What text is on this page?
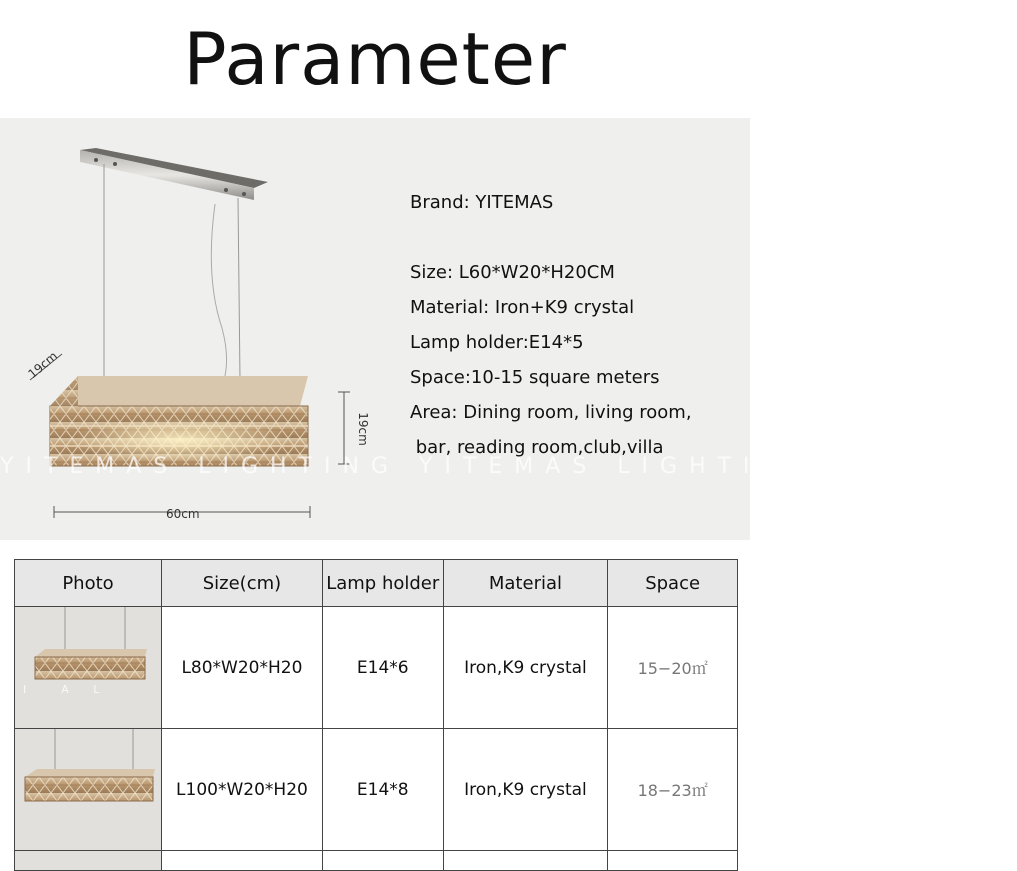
Parameter
19cm
19cm
60cm
YITEMAS LIGHTING YITEMAS LIGHTING YITEMAS
Brand: YITEMAS
Size: L60*W20*H20CM
Material: Iron+K9 crystal
Lamp holder:E14*5
Space:10-15 square meters
Area: Dining room, living room,
bar, reading room,club,villa
Photo	Size(cm)	Lamp holder	Material	Space

I          A       L	L80*W20*H20	E14*6	Iron,K9 crystal	15−20㎡

	L100*W20*H20	E14*8	Iron,K9 crystal	18−23㎡
